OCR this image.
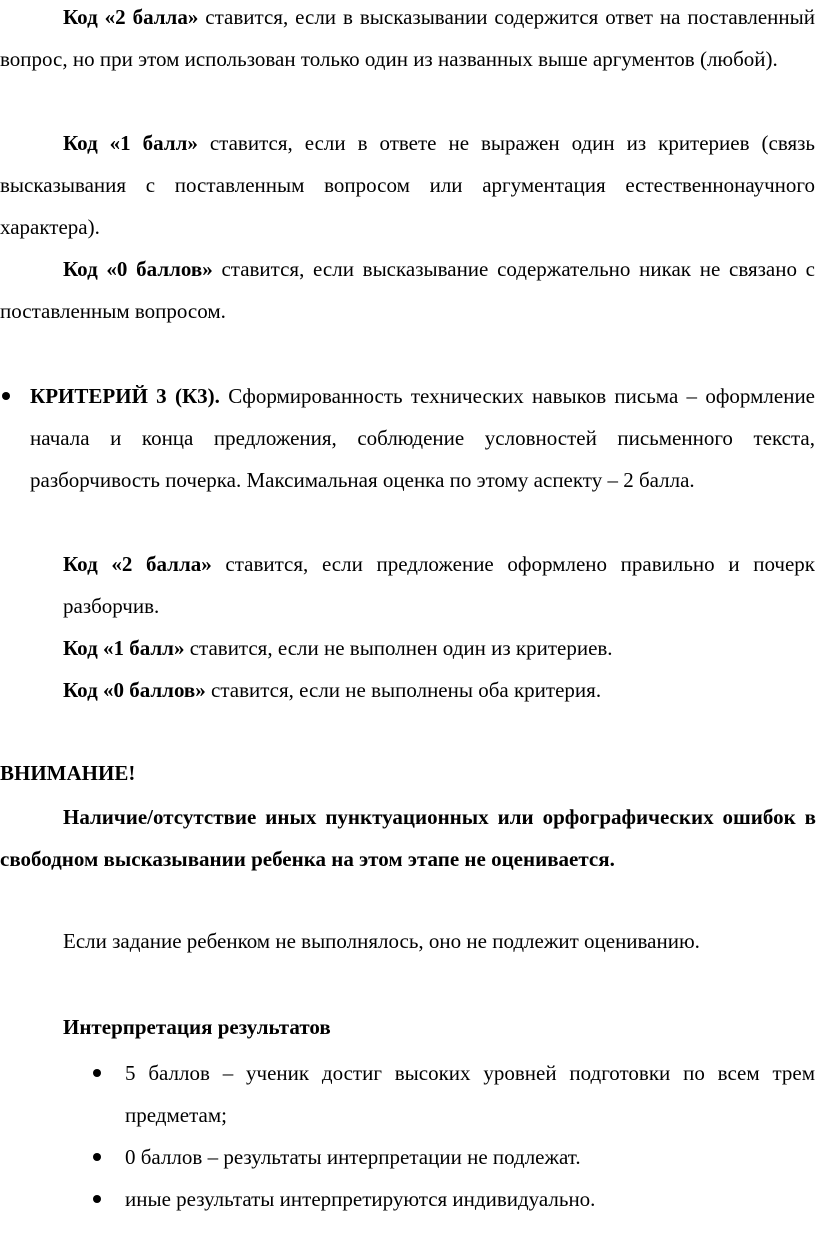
Код «2 балла» ставится, если в высказывании содержится ответ на поставленный вопрос, но при этом использован только один из названных выше аргументов (любой).

Код «1 балл» ставится, если в ответе не выражен один из критериев (связь высказывания с поставленным вопросом или аргументация естественнонаучного характера).

Код «0 баллов» ставится, если высказывание содержательно никак не связано с поставленным вопросом.

КРИТЕРИЙ 3 (К3). Сформированность технических навыков письма – оформление начала и конца предложения, соблюдение условностей письменного текста, разборчивость почерка. Максимальная оценка по этому аспекту – 2 балла.

Код «2 балла» ставится, если предложение оформлено правильно и почерк разборчив.

Код «1 балл» ставится, если не выполнен один из критериев.

Код «0 баллов» ставится, если не выполнены оба критерия.

ВНИМАНИЕ!

Наличие/отсутствие иных пунктуационных или орфографических ошибок в свободном высказывании ребенка на этом этапе не оценивается.

Если задание ребенком не выполнялось, оно не подлежит оцениванию.

Интерпретация результатов

5 баллов – ученик достиг высоких уровней подготовки по всем трем предметам;

0 баллов – результаты интерпретации не подлежат.

иные результаты интерпретируются индивидуально.
